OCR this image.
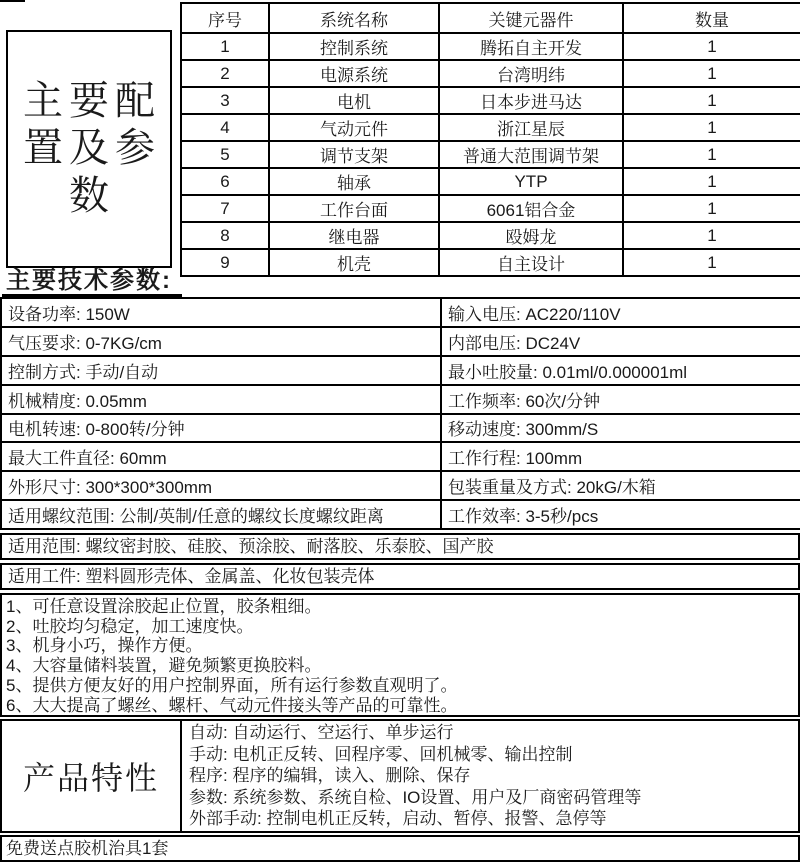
主要配置及参数
序号	系统名称	关键元器件	数量
1	控制系统	腾拓自主开发	1
2	电源系统	台湾明纬	1
3	电机	日本步进马达	1
4	气动元件	浙江星辰	1
5	调节支架	普通大范围调节架	1
6	轴承	YTP	1
7	工作台面	6061铝合金	1
8	继电器	殴姆龙	1
9	机壳	自主设计	1
主要技术参数:
设备功率: 150W	输入电压: AC220/110V
气压要求: 0-7KG/cm	内部电压: DC24V
控制方式: 手动/自动	最小吐胶量: 0.01ml/0.000001ml
机械精度: 0.05mm	工作频率: 60次/分钟
电机转速: 0-800转/分钟	移动速度: 300mm/S
最大工件直径: 60mm	工作行程: 100mm
外形尺寸: 300*300*300mm	包装重量及方式: 20kG/木箱
适用螺纹范围: 公制/英制/任意的螺纹长度螺纹距离	工作效率: 3-5秒/pcs
适用范围: 螺纹密封胶、硅胶、预涂胶、耐落胶、乐泰胶、国产胶
适用工件: 塑料圆形壳体、金属盖、化妆包装壳体
1、可任意设置涂胶起止位置，胶条粗细。
2、吐胶均匀稳定，加工速度快。
3、机身小巧，操作方便。
4、大容量储料装置，避免频繁更换胶料。
5、提供方便友好的用户控制界面，所有运行参数直观明了。
6、大大提高了螺丝、螺杆、气动元件接头等产品的可靠性。
产品特性
自动: 自动运行、空运行、单步运行
手动: 电机正反转、回程序零、回机械零、输出控制
程序: 程序的编辑，读入、删除、保存
参数: 系统参数、系统自检、IO设置、用户及厂商密码管理等
外部手动: 控制电机正反转，启动、暂停、报警、急停等
免费送点胶机治具1套
